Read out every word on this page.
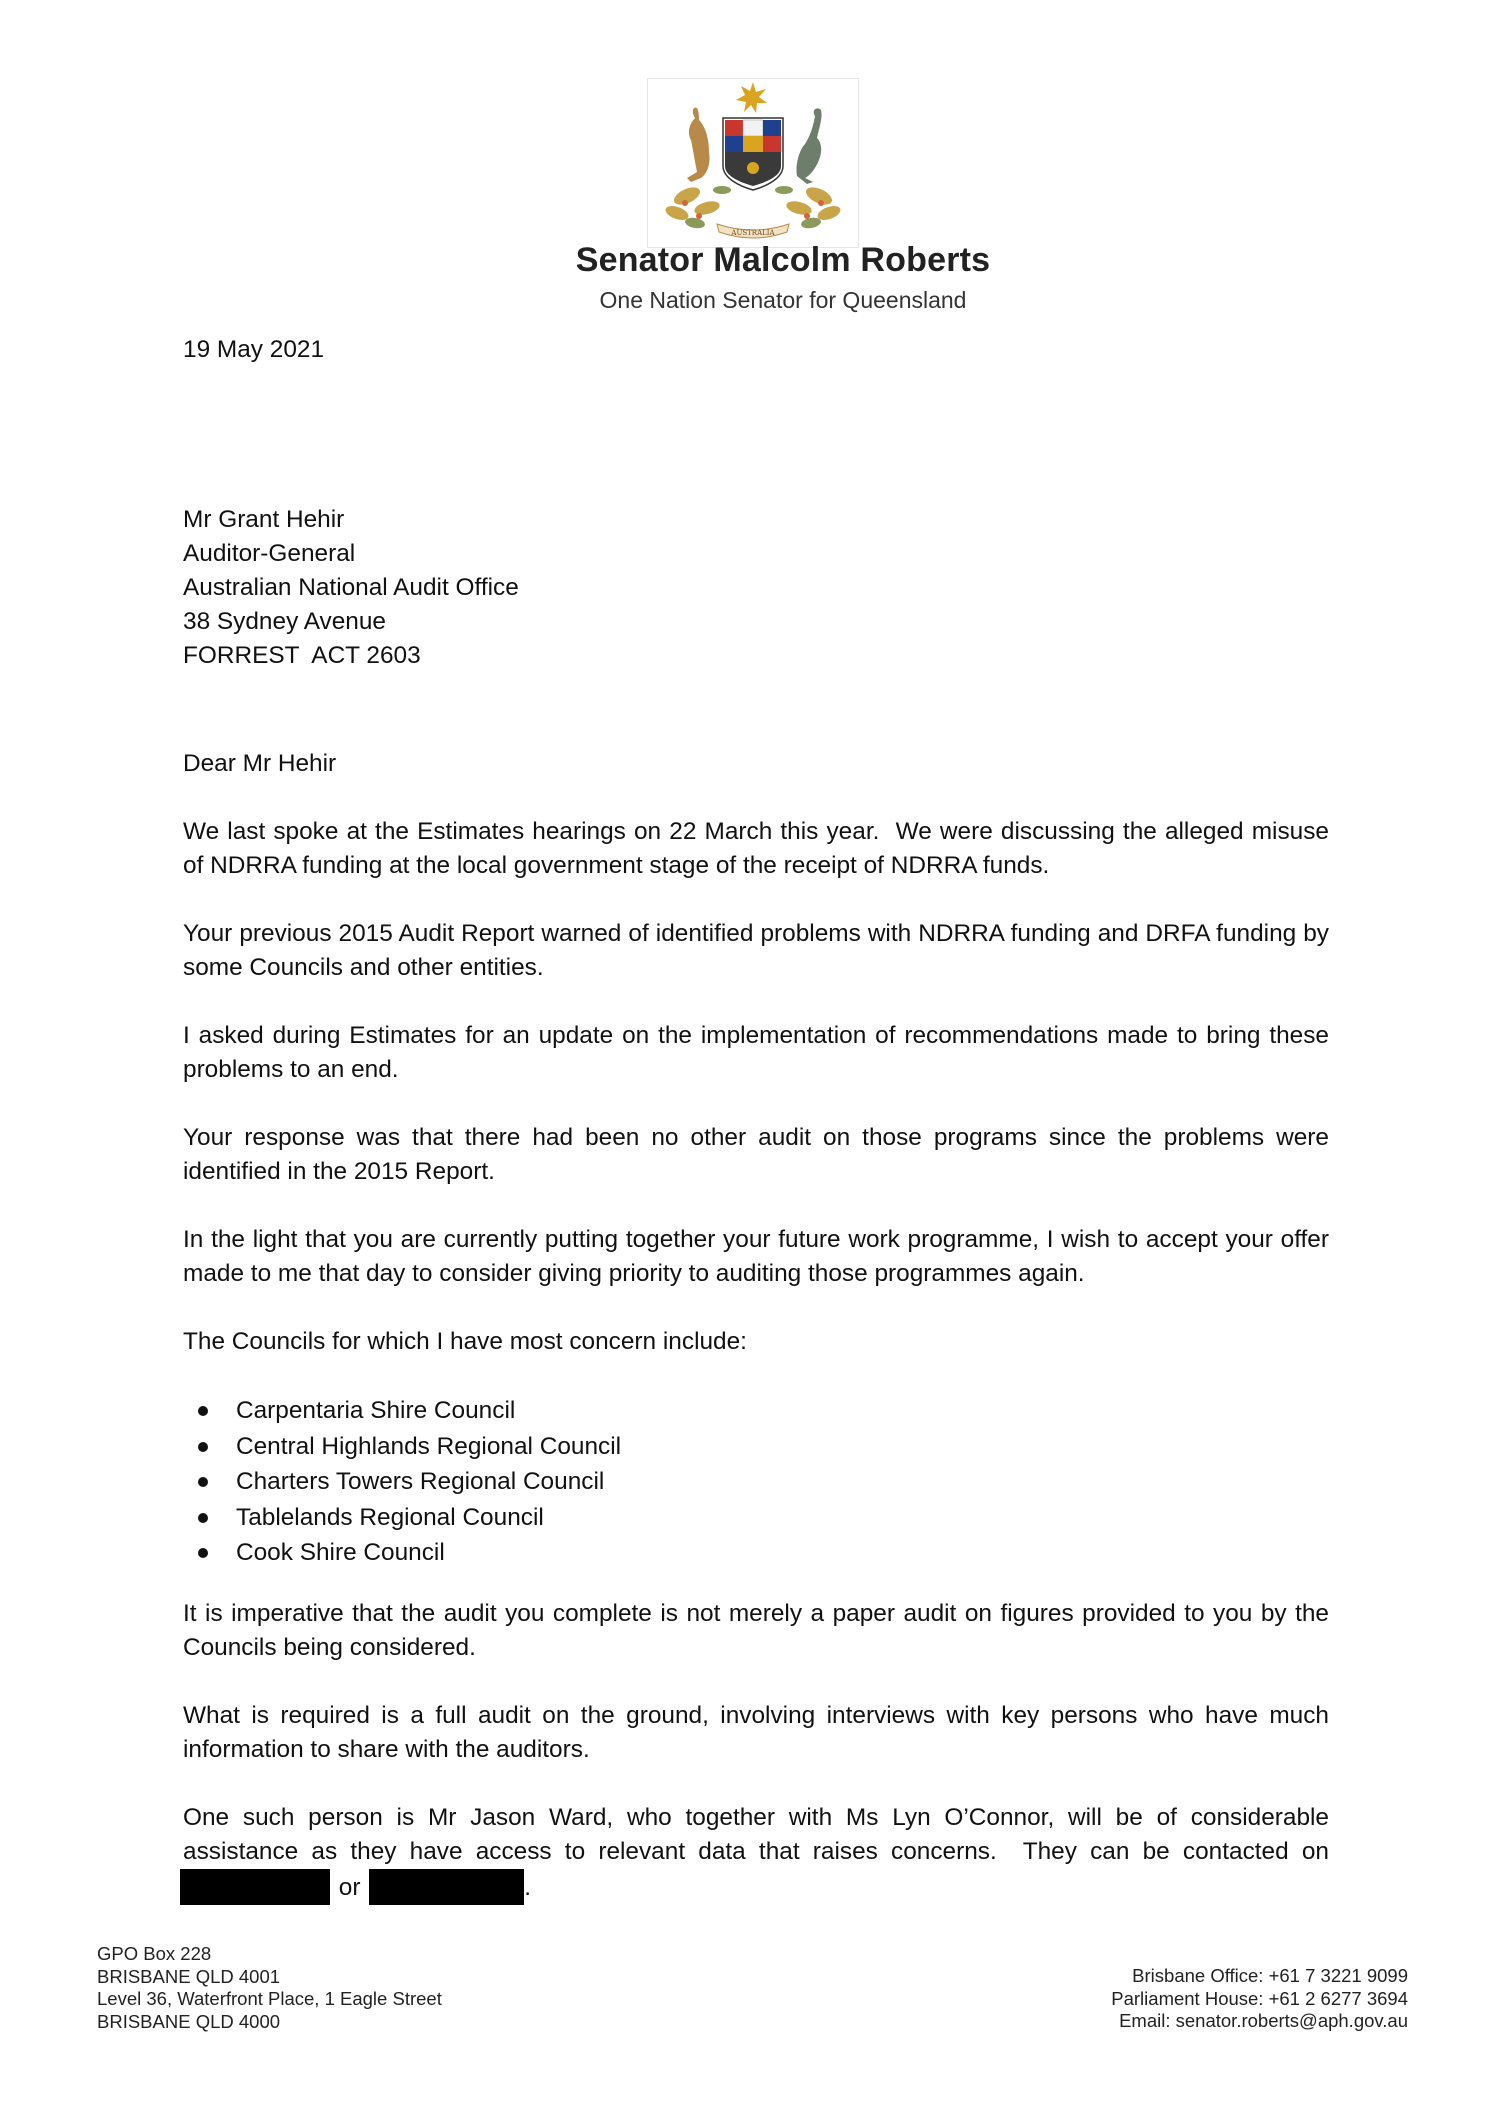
AUSTRALIA
Senator Malcolm Roberts
One Nation Senator for Queensland
19 May 2021
Mr Grant Hehir
Auditor-General
Australian National Audit Office
38 Sydney Avenue
FORREST  ACT 2603
Dear Mr Hehir

We last spoke at the Estimates hearings on 22 March this year.  We were discussing the alleged misuse of NDRRA funding at the local government stage of the receipt of NDRRA funds.

Your previous 2015 Audit Report warned of identified problems with NDRRA funding and DRFA funding by some Councils and other entities.

I asked during Estimates for an update on the implementation of recommendations made to bring these problems to an end.

Your response was that there had been no other audit on those programs since the problems were identified in the 2015 Report.

In the light that you are currently putting together your future work programme, I wish to accept your offer made to me that day to consider giving priority to auditing those programmes again.

The Councils for which I have most concern include:

Carpentaria Shire Council
Central Highlands Regional Council
Charters Towers Regional Council
Tablelands Regional Council
Cook Shire Council

It is imperative that the audit you complete is not merely a paper audit on figures provided to you by the Councils being considered.

What is required is a full audit on the ground, involving interviews with key persons who have much information to share with the auditors.

One such person is Mr Jason Ward, who together with Ms Lyn O’Connor, will be of considerable assistance as they have access to relevant data that raises concerns.  They can be contacted on
or	.
GPO Box 228
BRISBANE QLD 4001
Level 36, Waterfront Place, 1 Eagle Street
BRISBANE QLD 4000
Brisbane Office: +61 7 3221 9099
Parliament House: +61 2 6277 3694
Email: senator.roberts@aph.gov.au
